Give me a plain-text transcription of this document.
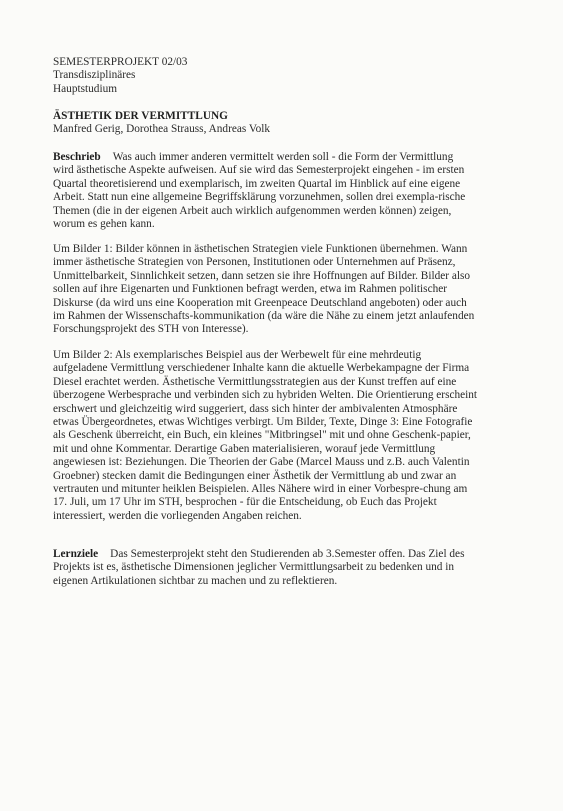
SEMESTERPROJEKT 02/03
Transdisziplinäres
Hauptstudium
ÄSTHETIK DER VERMITTLUNG
Manfred Gerig, Dorothea Strauss, Andreas Volk
Beschrieb Was auch immer anderen vermittelt werden soll - die Form der Vermittlung
wird ästhetische Aspekte aufweisen. Auf sie wird das Semesterprojekt eingehen - im ersten
Quartal theoretisierend und exemplarisch, im zweiten Quartal im Hinblick auf eine eigene
Arbeit. Statt nun eine allgemeine Begriffsklärung vorzunehmen, sollen drei exempla-rische
Themen (die in der eigenen Arbeit auch wirklich aufgenommen werden können) zeigen,
worum es gehen kann.
Um Bilder 1: Bilder können in ästhetischen Strategien viele Funktionen übernehmen. Wann
immer ästhetische Strategien von Personen, Institutionen oder Unternehmen auf Präsenz,
Unmittelbarkeit, Sinnlichkeit setzen, dann setzen sie ihre Hoffnungen auf Bilder. Bilder also
sollen auf ihre Eigenarten und Funktionen befragt werden, etwa im Rahmen politischer
Diskurse (da wird uns eine Kooperation mit Greenpeace Deutschland angeboten) oder auch
im Rahmen der Wissenschafts-kommunikation (da wäre die Nähe zu einem jetzt anlaufenden
Forschungsprojekt des STH von Interesse).
Um Bilder 2: Als exemplarisches Beispiel aus der Werbewelt für eine mehrdeutig
aufgeladene Vermittlung verschiedener Inhalte kann die aktuelle Werbekampagne der Firma
Diesel erachtet werden. Ästhetische Vermittlungsstrategien aus der Kunst treffen auf eine
überzogene Werbesprache und verbinden sich zu hybriden Welten. Die Orientierung erscheint
erschwert und gleichzeitig wird suggeriert, dass sich hinter der ambivalenten Atmosphäre
etwas Übergeordnetes, etwas Wichtiges verbirgt. Um Bilder, Texte, Dinge 3: Eine Fotografie
als Geschenk überreicht, ein Buch, ein kleines "Mitbringsel" mit und ohne Geschenk-papier,
mit und ohne Kommentar. Derartige Gaben materialisieren, worauf jede Vermittlung
angewiesen ist: Beziehungen. Die Theorien der Gabe (Marcel Mauss und z.B. auch Valentin
Groebner) stecken damit die Bedingungen einer Ästhetik der Vermittlung ab und zwar an
vertrauten und mitunter heiklen Beispielen. Alles Nähere wird in einer Vorbespre-chung am
17. Juli, um 17 Uhr im STH, besprochen - für die Entscheidung, ob Euch das Projekt
interessiert, werden die vorliegenden Angaben reichen.
Lernziele Das Semesterprojekt steht den Studierenden ab 3.Semester offen. Das Ziel des
Projekts ist es, ästhetische Dimensionen jeglicher Vermittlungsarbeit zu bedenken und in
eigenen Artikulationen sichtbar zu machen und zu reflektieren.
